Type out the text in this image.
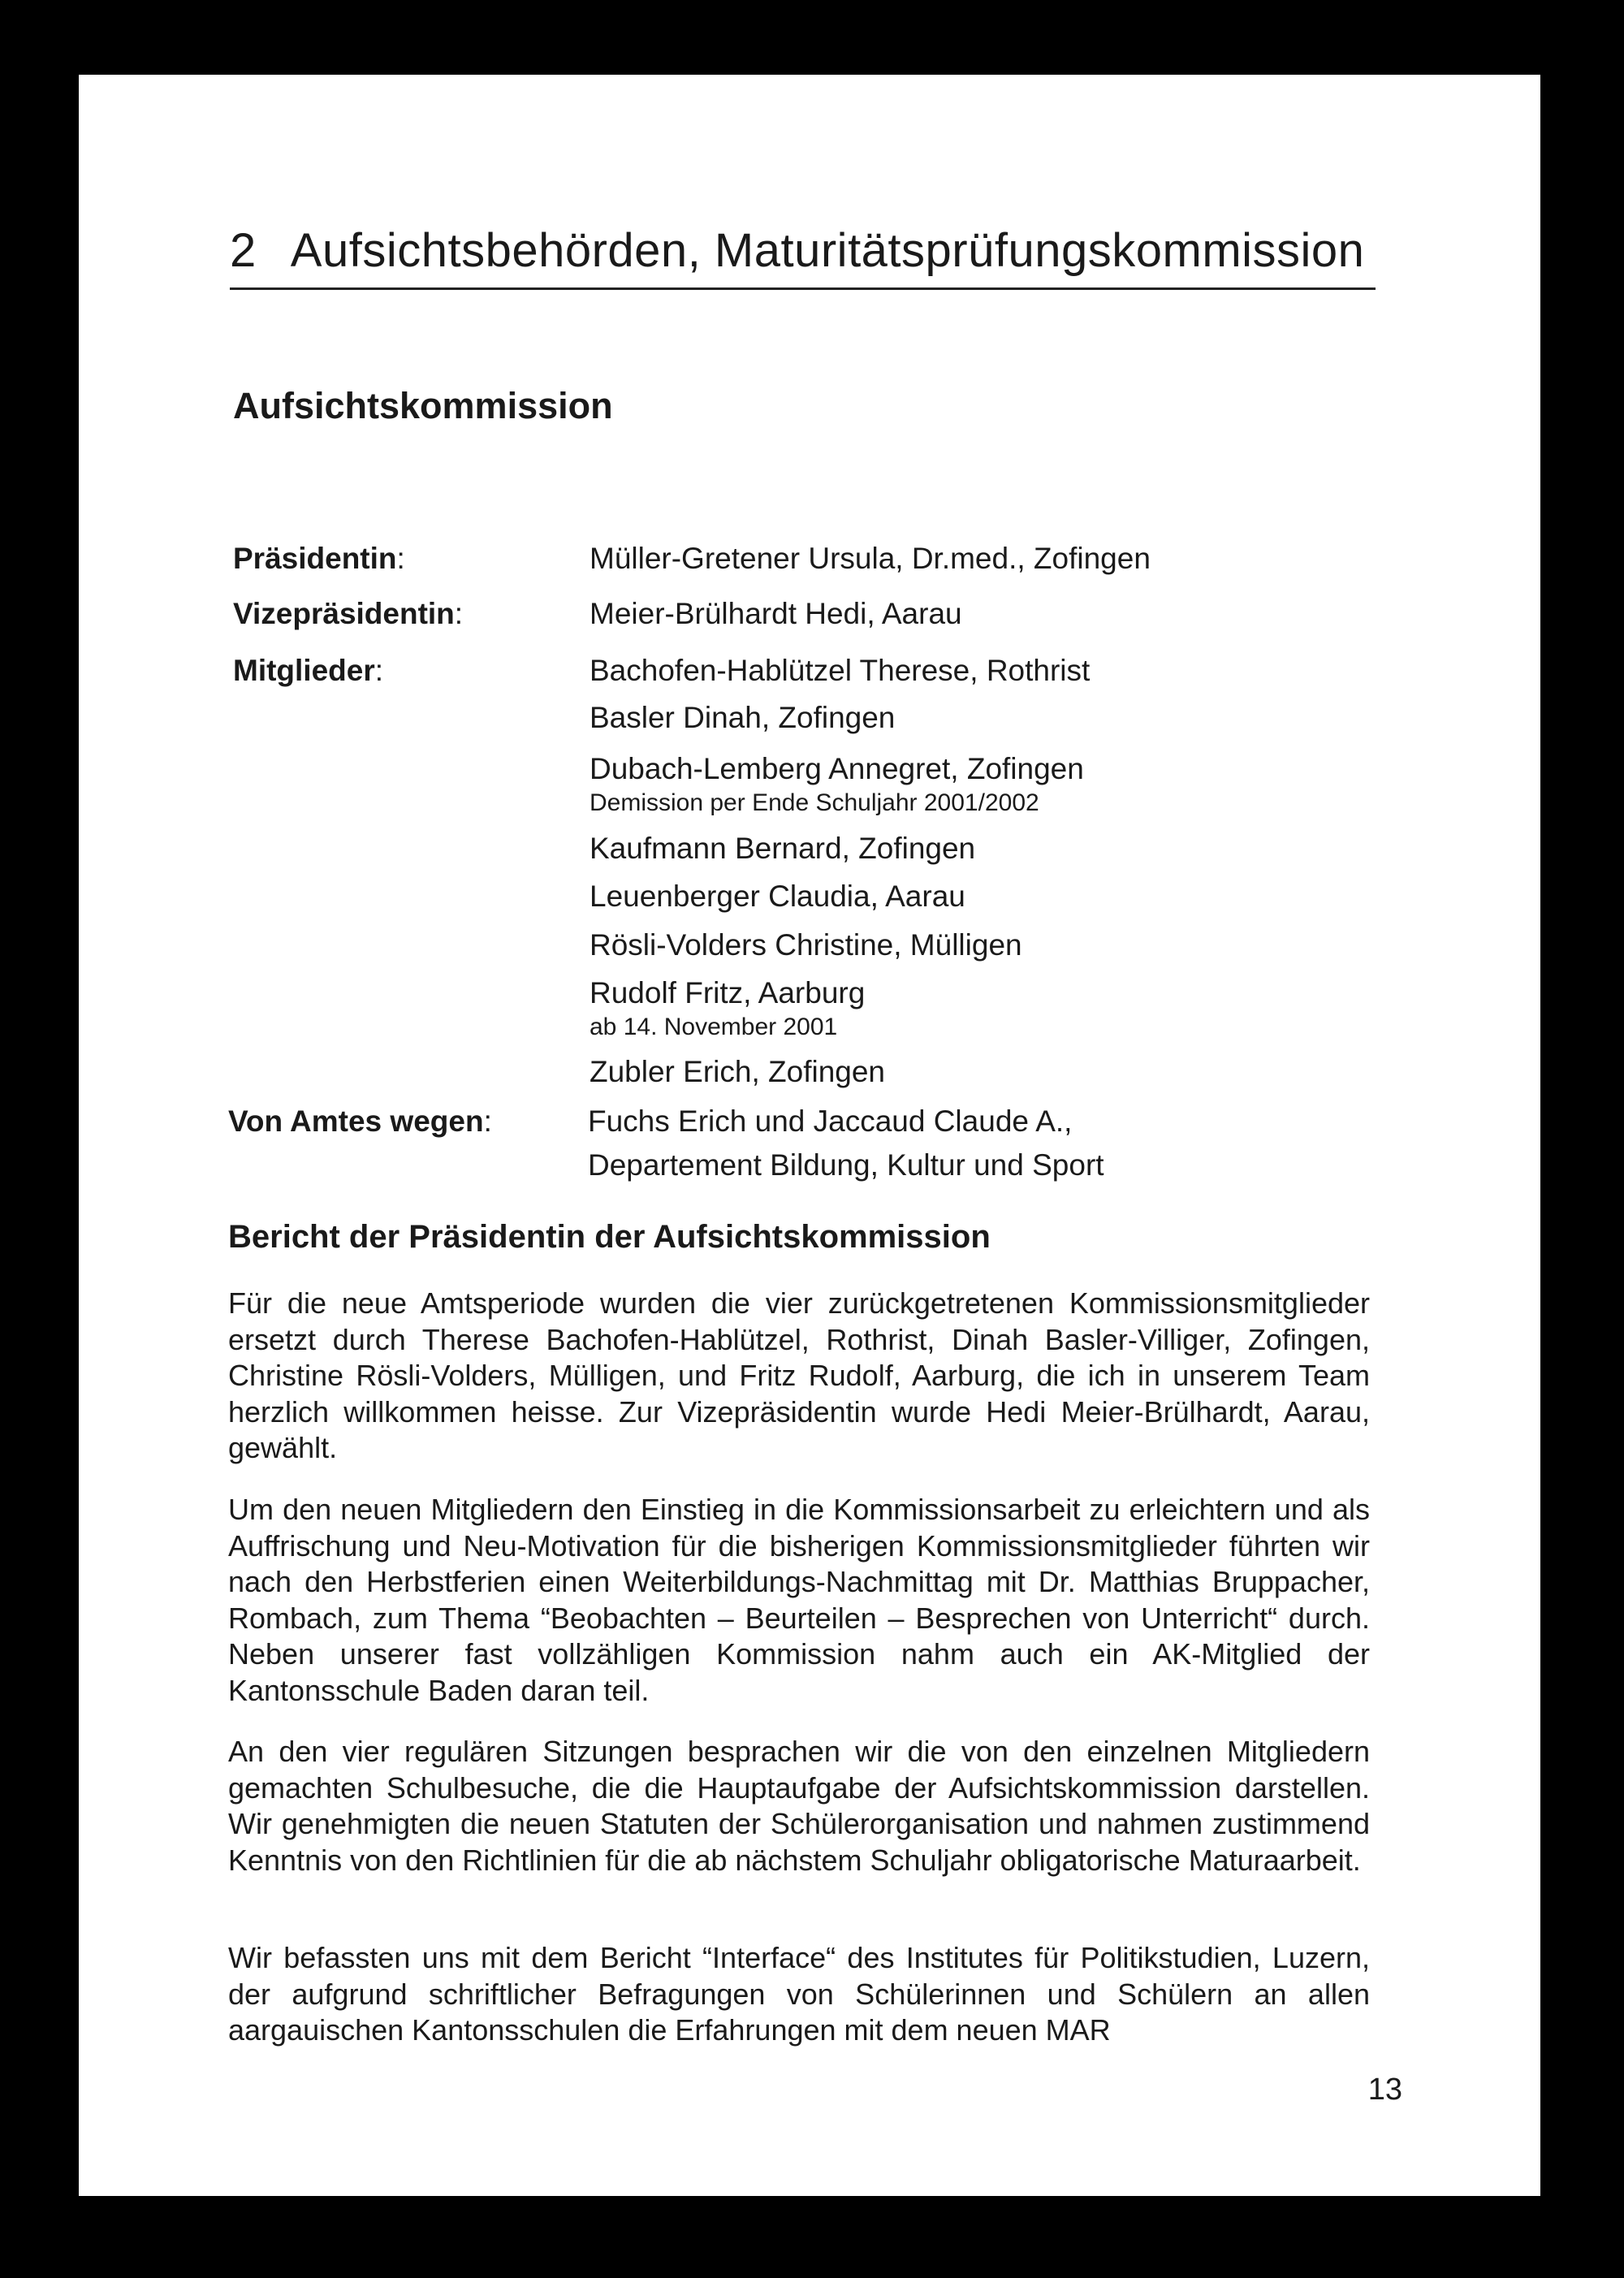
2 Aufsichtsbehörden, Maturitätsprüfungskommission
Aufsichtskommission
Präsidentin:	Müller-Gretener Ursula, Dr.med., Zofingen
Vizepräsidentin:	Meier-Brülhardt Hedi, Aarau
Mitglieder:	Bachofen-Hablützel Therese, Rothrist
Basler Dinah, Zofingen
Dubach-Lemberg Annegret, Zofingen
Demission per Ende Schuljahr 2001/2002
Kaufmann Bernard, Zofingen
Leuenberger Claudia, Aarau
Rösli-Volders Christine, Mülligen
Rudolf Fritz, Aarburg
ab 14. November 2001
Zubler Erich, Zofingen
Von Amtes wegen:	Fuchs Erich und Jaccaud Claude A.,
Departement Bildung, Kultur und Sport
Bericht der Präsidentin der Aufsichtskommission

Für die neue Amtsperiode wurden die vier zurückgetretenen Kommissionsmitglieder ersetzt durch Therese Bachofen-Hablützel, Rothrist, Dinah Basler-Villiger, Zofingen, Christine Rösli-Volders, Mülligen, und Fritz Rudolf, Aarburg, die ich in unserem Team herzlich willkommen heisse. Zur Vizepräsidentin wurde Hedi Meier-Brülhardt, Aarau, gewählt.

Um den neuen Mitgliedern den Einstieg in die Kommissionsarbeit zu erleichtern und als Auffrischung und Neu-Motivation für die bisherigen Kommissionsmitglieder führten wir nach den Herbstferien einen Weiterbildungs-Nachmittag mit Dr. Matthias Bruppacher, Rombach, zum Thema “Beobachten – Beurteilen – Besprechen von Unterricht“ durch. Neben unserer fast vollzähligen Kommission nahm auch ein AK-Mitglied der Kantonsschule Baden daran teil.

An den vier regulären Sitzungen besprachen wir die von den einzelnen Mitgliedern gemachten Schulbesuche, die die Hauptaufgabe der Aufsichtskommission darstellen. Wir genehmigten die neuen Statuten der Schülerorganisation und nahmen zustimmend Kenntnis von den Richtlinien für die ab nächstem Schuljahr obligatorische Maturaarbeit.

Wir befassten uns mit dem Bericht “Interface“ des Institutes für Politikstudien, Luzern, der aufgrund schriftlicher Befragungen von Schülerinnen und Schülern an allen aargauischen Kantonsschulen die Erfahrungen mit dem neuen MAR

13
